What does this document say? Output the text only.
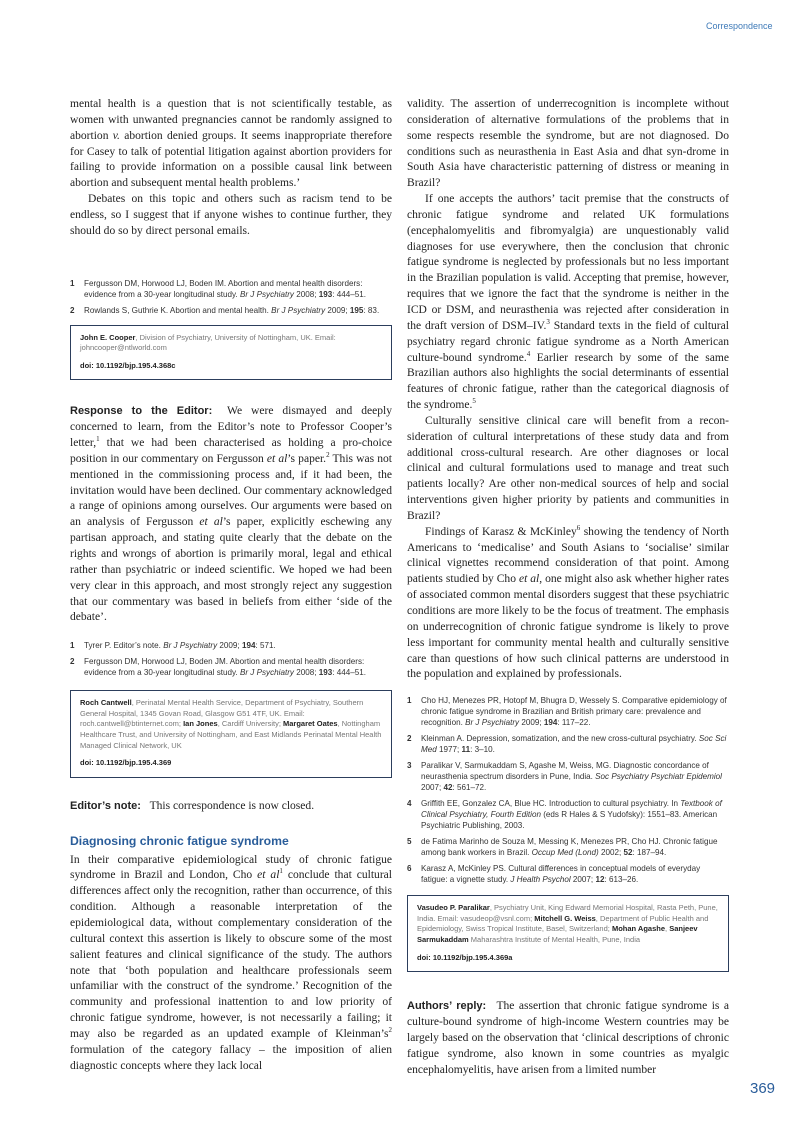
Correspondence

mental health is a question that is not scientifically testable, as women with unwanted pregnancies cannot be randomly assigned to abortion v. abortion denied groups. It seems inappropriate therefore for Casey to talk of potential litigation against abortion providers for failing to provide information on a possible causal link between abortion and subsequent mental health problems.’

Debates on this topic and others such as racism tend to be endless, so I suggest that if anyone wishes to continue further, they should do so by direct personal emails.

1 Fergusson DM, Horwood LJ, Boden IM. Abortion and mental health disorders: evidence from a 30-year longitudinal study. Br J Psychiatry 2008; 193: 444–51.
2 Rowlands S, Guthrie K. Abortion and mental health. Br J Psychiatry 2009; 195: 83.
John E. Cooper, Division of Psychiatry, University of Nottingham, UK. Email: johncooper@ntlworld.com
doi: 10.1192/bjp.195.4.368c

Response to the Editor: We were dismayed and deeply concerned to learn, from the Editor’s note to Professor Cooper’s letter,$^1$ that we had been characterised as holding a pro-choice position in our commentary on Fergusson et al’s paper.$^2$ This was not mentioned in the commissioning process and, if it had been, the invitation would have been declined. Our commentary acknowledged a range of opinions among ourselves. Our arguments were based on an analysis of Fergusson et al’s paper, explicitly eschewing any partisan approach, and stating quite clearly that the debate on the rights and wrongs of abortion is primarily moral, legal and ethical rather than psychiatric or indeed scientific. We hoped we had been very clear in this approach, and most strongly reject any suggestion that our commentary was based in beliefs from either ‘side of the debate’.

1 Tyrer P. Editor’s note. Br J Psychiatry 2009; 194: 571.
2 Fergusson DM, Horwood LJ, Boden JM. Abortion and mental health disorders: evidence from a 30-year longitudinal study. Br J Psychiatry 2008; 193: 444–51.
Roch Cantwell, Perinatal Mental Health Service, Department of Psychiatry, Southern General Hospital, 1345 Govan Road, Glasgow G51 4TF, UK. Email: roch.cantwell@btinternet.com; Ian Jones, Cardiff University; Margaret Oates, Nottingham Healthcare Trust, and University of Nottingham, and East Midlands Perinatal Mental Health Managed Clinical Network, UK
doi: 10.1192/bjp.195.4.369

Editor’s note: This correspondence is now closed.

Diagnosing chronic fatigue syndrome

In their comparative epidemiological study of chronic fatigue syndrome in Brazil and London, Cho et $al^1$ conclude that cultural differences affect only the recognition, rather than occurrence, of this condition. Although a reasonable interpretation of the epidemiological data, without complementary consideration of the cultural context this assertion is likely to obscure some of the most salient features and clinical significance of the study. The authors note that ‘both population and healthcare professionals seem unfamiliar with the construct of the syndrome.’ Recognition of the community and professional inattention to and low priority of chronic fatigue syndrome, however, is not necessarily a failing; it may also be regarded as an updated example of $Kleinman’s^2$ formulation of the category fallacy – the imposition of alien diagnostic concepts where they lack local

validity. The assertion of underrecognition is incomplete without consideration of alternative formulations of the problems that in some respects resemble the syndrome, but are not diagnosed. Do conditions such as neurasthenia in East Asia and dhat syn-drome in South Asia have characteristic patterning of distress or meaning in Brazil?

If one accepts the authors’ tacit premise that the constructs of chronic fatigue syndrome and related UK formulations (encephalomyelitis and fibromyalgia) are unquestionably valid diagnoses for use everywhere, then the conclusion that chronic fatigue syndrome is neglected by professionals but no less important in the Brazilian population is valid. Accepting that premise, however, requires that we ignore the fact that the syndrome is neither in the ICD or DSM, and neurasthenia was rejected after consideration in the draft version of DSM–IV.$^3$ Standard texts in the field of cultural psychiatry regard chronic fatigue syndrome as a North American culture-bound syndrome.$^4$ Earlier research by some of the same Brazilian authors also highlights the social determinants of essential features of chronic fatigue, rather than the categorical diagnosis of the syndrome.$^5$

Culturally sensitive clinical care will benefit from a recon-sideration of cultural interpretations of these study data and from additional cross-cultural research. Are other diagnoses or local clinical and cultural formulations used to manage and treat such patients locally? Are other non-medical sources of help and social interventions given higher priority by patients and communities in Brazil?

Findings of Karasz & McKinley$^6$ showing the tendency of North Americans to ‘medicalise’ and South Asians to ‘socialise’ similar clinical vignettes recommend consideration of that point. Among patients studied by Cho et al, one might also ask whether higher rates of associated common mental disorders suggest that these psychiatric conditions are more likely to be the focus of treatment. The emphasis on underrecognition of chronic fatigue syndrome is likely to prove less important for community mental health and culturally sensitive care than questions of how such clinical patterns are understood in the population and explained by professionals.

1 Cho HJ, Menezes PR, Hotopf M, Bhugra D, Wessely S. Comparative epidemiology of chronic fatigue syndrome in Brazilian and British primary care: prevalence and recognition. Br J Psychiatry 2009; 194: 117–22.
2 Kleinman A. Depression, somatization, and the new cross-cultural psychiatry. Soc Sci Med 1977; 11: 3–10.
3 Paralikar V, Sarmukaddam S, Agashe M, Weiss, MG. Diagnostic concordance of neurasthenia spectrum disorders in Pune, India. Soc Psychiatry Psychiatr Epidemiol 2007; 42: 561–72.
4 Griffith EE, Gonzalez CA, Blue HC. Introduction to cultural psychiatry. In Textbook of Clinical Psychiatry, Fourth Edition (eds R Hales & S Yudofsky): 1551–83. American Psychiatric Publishing, 2003.
5 de Fatima Marinho de Souza M, Messing K, Menezes PR, Cho HJ. Chronic fatigue among bank workers in Brazil. Occup Med (Lond) 2002; 52: 187–94.
6 Karasz A, McKinley PS. Cultural differences in conceptual models of everyday fatigue: a vignette study. J Health Psychol 2007; 12: 613–26.
Vasudeo P. Paralikar, Psychiatry Unit, King Edward Memorial Hospital, Rasta Peth, Pune, India. Email: vasudeop@vsnl.com; Mitchell G. Weiss, Department of Public Health and Epidemiology, Swiss Tropical Institute, Basel, Switzerland; Mohan Agashe, Sanjeev Sarmukaddam Maharashtra Institute of Mental Health, Pune, India
doi: 10.1192/bjp.195.4.369a

Authors’ reply: The assertion that chronic fatigue syndrome is a culture-bound syndrome of high-income Western countries may be largely based on the observation that ‘clinical descriptions of chronic fatigue syndrome, also known in some countries as myalgic encephalomyelitis, have arisen from a limited number

369
